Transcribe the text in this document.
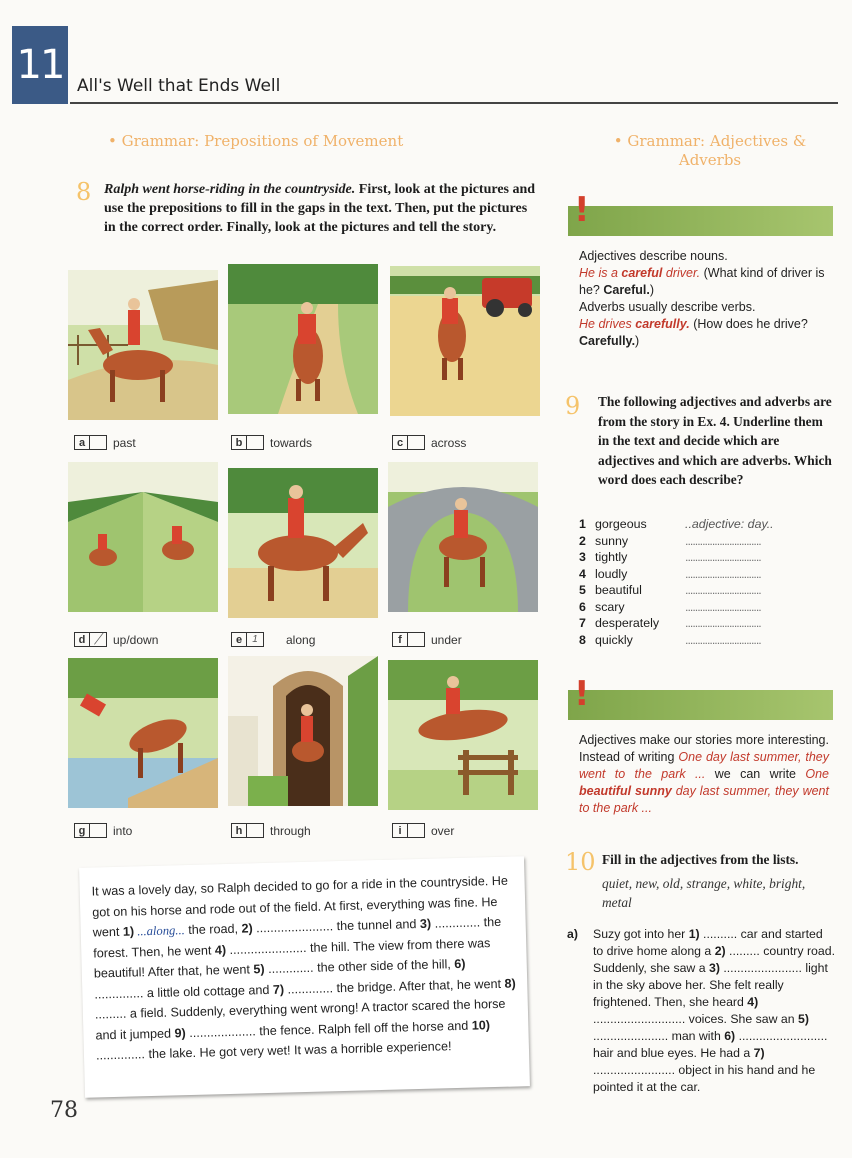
11 All's Well that Ends Well
• Grammar: Prepositions of Movement
8 Ralph went horse-riding in the countryside. First, look at the pictures and use the prepositions to fill in the gaps in the text. Then, put the pictures in the correct order. Finally, look at the pictures and tell the story.
a	past	b	towards	c	across
d ╱ up/down	e	1	along	f	under
g	into	h	through	i	over
It was a lovely day, so Ralph decided to go for a ride in the countryside. He got on his horse and rode out of the field. At first, everything was fine. He went 1) ...along... the road, 2) ...................... the tunnel and 3) ............. the forest. Then, he went 4) ...................... the hill. The view from there was beautiful! After that, he went 5) ............. the other side of the hill, 6) .............. a little old cottage and 7) ............. the bridge. After that, he went 8) ......... a field. Suddenly, everything went wrong! A tractor scared the horse and it jumped 9) ................... the fence. Ralph fell off the horse and 10) .............. the lake. He got very wet! It was a horrible experience!
• Grammar: Adjectives &
Adverbs
!
Adjectives describe nouns.
He is a careful driver. (What kind of driver is he? Careful.)
Adverbs usually describe verbs.
He drives carefully. (How does he drive? Carefully.)
9 The following adjectives and adverbs are from the story in Ex. 4. Underline them in the text and decide which are adjectives and which are adverbs. Which word does each describe?
1 gorgeous	..adjective: day..
2 sunny	...............................
3 tightly	...............................
4 loudly	...............................
5 beautiful	...............................
6 scary	...............................
7 desperately	...............................
8 quickly	...............................
!
Adjectives make our stories more interesting. Instead of writing One day last summer, they went to the park ... we can write One beautiful sunny day last summer, they went to the park ...
10 Fill in the adjectives from the lists.
quiet, new, old, strange, white, bright, metal
a)	Suzy got into her 1) .......... car and started to drive home along a 2) ......... country road. Suddenly, she saw a 3) ....................... light in the sky above her. She felt really frightened. Then, she heard 4) ........................... voices. She saw an 5) ...................... man with 6) .......................... hair and blue eyes. He had a 7) ........................ object in his hand and he pointed it at the car.
78
